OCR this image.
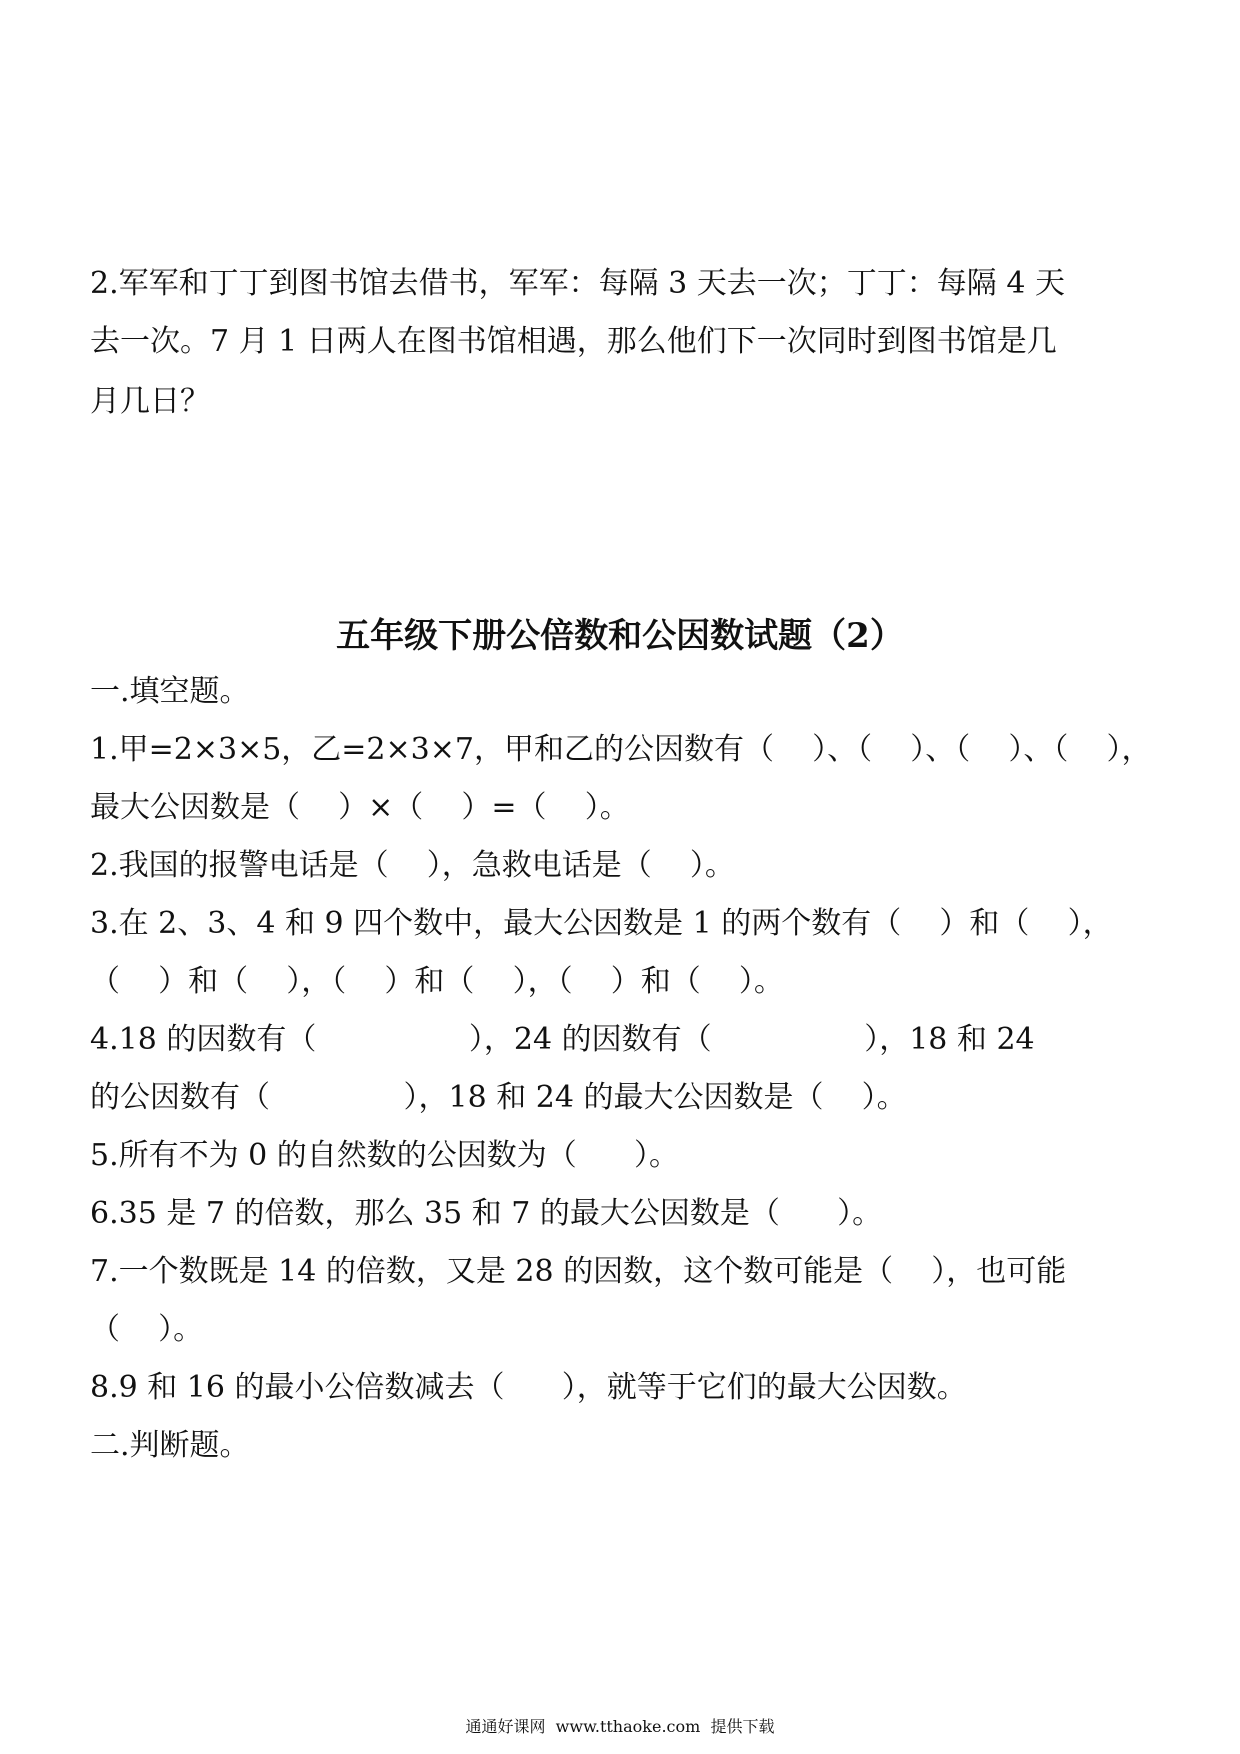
2.军军和丁丁到图书馆去借书，军军：每隔 3 天去一次；丁丁：每隔 4 天

去一次。7 月 1 日两人在图书馆相遇，那么他们下一次同时到图书馆是几

月几日？

五年级下册公倍数和公因数试题（2）

一.填空题。

1.甲=2×3×5，乙=2×3×7，甲和乙的公因数有（    ）、（    ）、（    ）、（    ），

最大公因数是（    ）×（    ）=（    ）。

2.我国的报警电话是（    ），急救电话是（    ）。

3.在 2、3、4 和 9 四个数中，最大公因数是 1 的两个数有（    ）和（    ），

（    ）和（    ），（    ）和（    ），（    ）和（    ）。

4.18 的因数有（                ），24 的因数有（                ），18 和 24

的公因数有（              ），18 和 24 的最大公因数是（    ）。

5.所有不为 0 的自然数的公因数为（      ）。

6.35 是 7 的倍数，那么 35 和 7 的最大公因数是（      ）。

7.一个数既是 14 的倍数，又是 28 的因数，这个数可能是（    ），也可能

（    ）。

8.9 和 16 的最小公倍数减去（      ），就等于它们的最大公因数。

二.判断题。

通通好课网  www.tthaoke.com  提供下载
